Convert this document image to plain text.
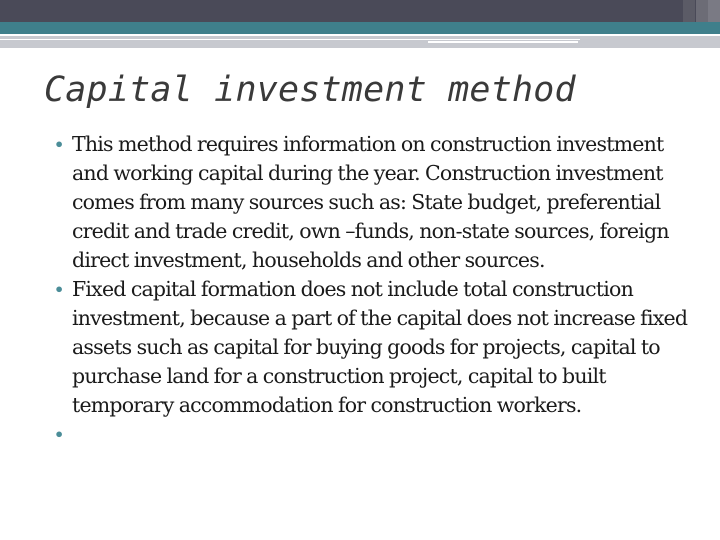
Capital investment method
• This method requires information on construction investment and working capital during the year. Construction investment comes from many sources such as: State budget, preferential credit and trade credit, own –funds, non-state sources, foreign direct investment, households and other sources.
• Fixed capital formation does not include total construction investment, because a part of the capital does not increase fixed assets such as capital for buying goods for projects, capital to purchase land for a construction project, capital to built temporary accommodation for construction workers.
•
